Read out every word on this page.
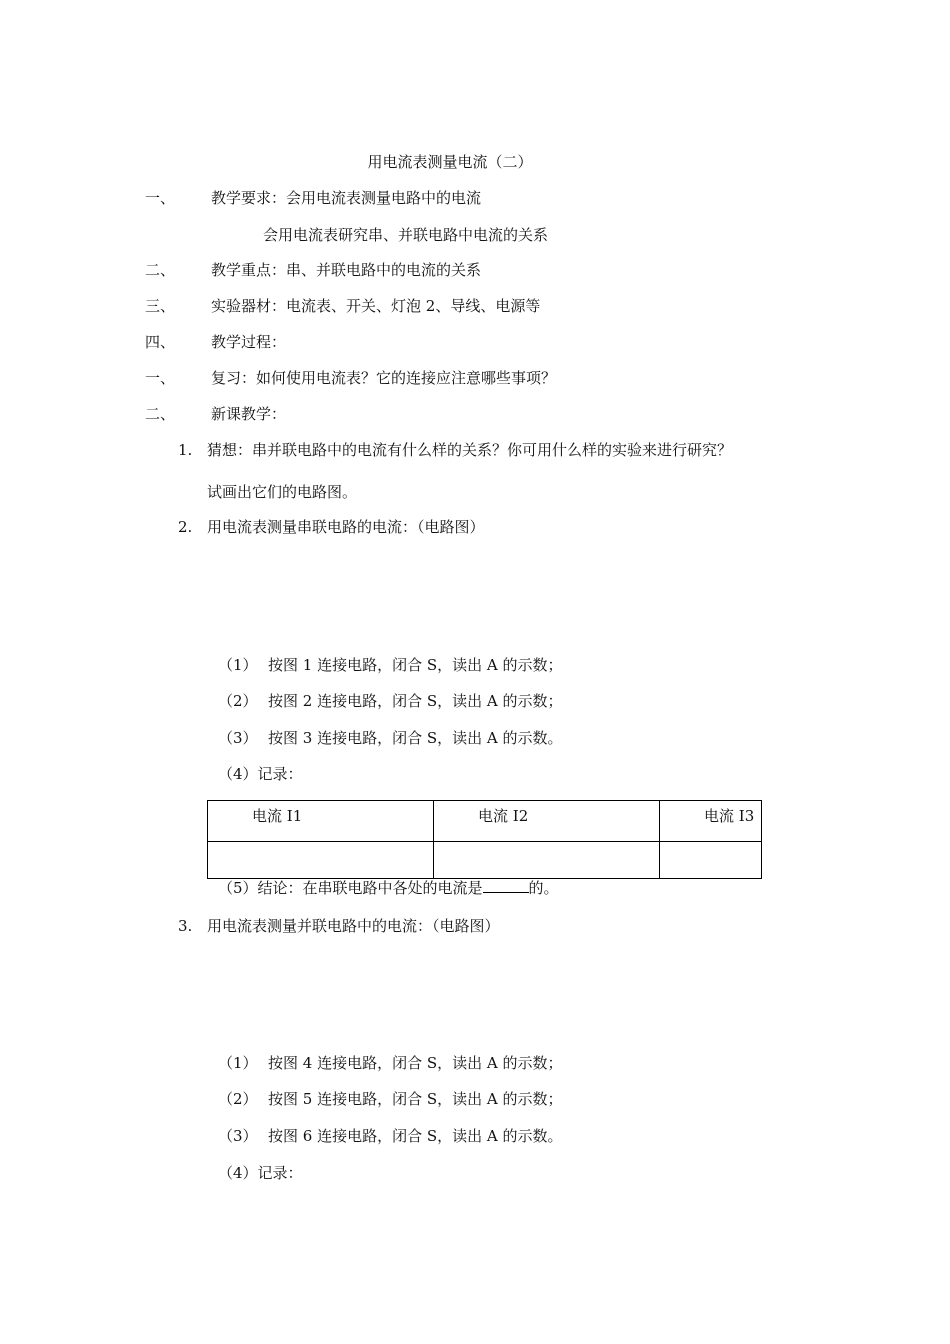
用电流表测量电流（二）
一、 教学要求：会用电流表测量电路中的电流
会用电流表研究串、并联电路中电流的关系
二、 教学重点：串、并联电路中的电流的关系
三、 实验器材：电流表、开关、灯泡 2、导线、电源等
四、 教学过程：
一、 复习：如何使用电流表？它的连接应注意哪些事项？
二、 新课教学：
1. 猜想：串并联电路中的电流有什么样的关系？你可用什么样的实验来进行研究？
试画出它们的电路图。
2. 用电流表测量串联电路的电流：（电路图）
（1） 按图 1 连接电路，闭合 S，读出 A 的示数；
（2） 按图 2 连接电路，闭合 S，读出 A 的示数；
（3） 按图 3 连接电路，闭合 S，读出 A 的示数。
（4）记录：
电流 I1	电流 I2	电流 I3

（5）结论：在串联电路中各处的电流是	的。
3. 用电流表测量并联电路中的电流：（电路图）
（1） 按图 4 连接电路，闭合 S，读出 A 的示数；
（2） 按图 5 连接电路，闭合 S，读出 A 的示数；
（3） 按图 6 连接电路，闭合 S，读出 A 的示数。
（4）记录：
